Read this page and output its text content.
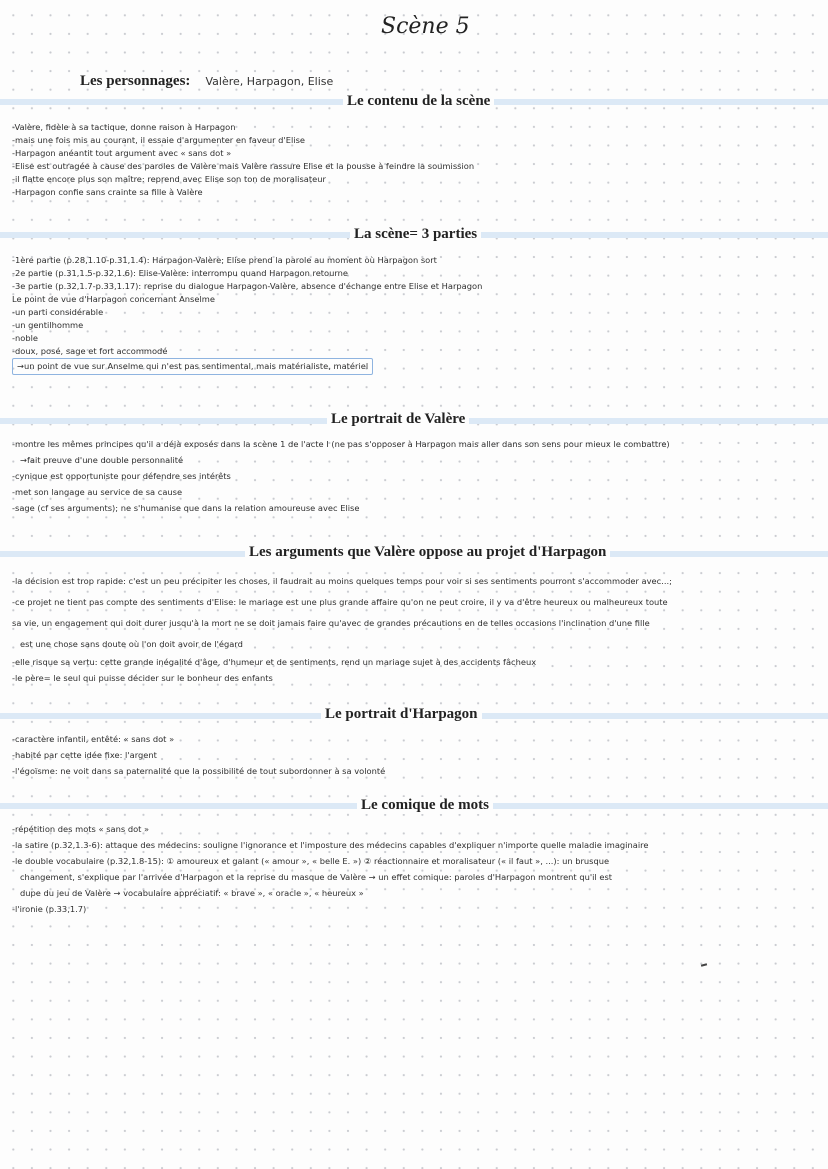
Scène 5
Les personnages: Valère, Harpagon, Elise
Le contenu de la scène
-Valère, fidèle à sa tactique, donne raison à Harpagon
-mais une fois mis au courant, il essaie d'argumenter en faveur d'Elise
-Harpagon anéantit tout argument avec « sans dot »
-Elise est outragée à cause des paroles de Valère mais Valère rassure Elise et la pousse à feindre la soumission
-il flatte encore plus son maître: reprend avec Elise son ton de moralisateur
-Harpagon confie sans crainte sa fille à Valère
La scène= 3 parties
-1ère partie (p.28,1.10-p.31,1.4): Harpagon-Valère; Elise prend la parole au moment où Harpagon sort
-2e partie (p.31,1.5-p.32,1.6): Elise-Valère: interrompu quand Harpagon retourne
-3e partie (p.32,1.7-p.33,1.17): reprise du dialogue Harpagon-Valère, absence d'échange entre Elise et Harpagon
Le point de vue d'Harpagon concernant Anselme
-un parti considérable
-un gentilhomme
-noble
-doux, posé, sage et fort accommodé
→un point de vue sur Anselme qui n'est pas sentimental, mais matérialiste, matériel
Le portrait de Valère
-montre les mêmes principes qu'il a déjà exposés dans la scène 1 de l'acte I (ne pas s'opposer à Harpagon mais aller dans son sens pour mieux le combattre)
→fait preuve d'une double personnalité
-cynique est opportuniste pour défendre ses intérêts
-met son langage au service de sa cause
-sage (cf ses arguments); ne s'humanise que dans la relation amoureuse avec Elise
Les arguments que Valère oppose au projet d'Harpagon
-la décision est trop rapide: c'est un peu précipiter les choses, il faudrait au moins quelques temps pour voir si ses sentiments pourront s'accommoder avec...;
-ce projet ne tient pas compte des sentiments d'Elise: le mariage est une plus grande affaire qu'on ne peut croire, il y va d'être heureux ou malheureux toute
sa vie, un engagement qui doit durer jusqu'à la mort ne se doit jamais faire qu'avec de grandes précautions en de telles occasions l'inclination d'une fille
est une chose sans doute où l'on doit avoir de l'égard
-elle risque sa vertu: cette grande inégalité d'âge, d'humeur et de sentiments, rend un mariage sujet à des accidents fâcheux
-le père= le seul qui puisse décider sur le bonheur des enfants
Le portrait d'Harpagon
-caractère infantil, entêté: « sans dot »
-habité par cette idée fixe: l'argent
-l'égoïsme: ne voit dans sa paternalité que la possibilité de tout subordonner à sa volonté
Le comique de mots
-répétition des mots « sans dot »
-la satire (p.32,1.3-6): attaque des médecins: souligne l'ignorance et l'imposture des médecins capables d'expliquer n'importe quelle maladie imaginaire
-le double vocabulaire (p.32,1.8-15): ① amoureux et galant (« amour », « belle E. ») ② réactionnaire et moralisateur (« il faut », ...): un brusque
changement, s'explique par l'arrivée d'Harpagon et la reprise du masque de Valère → un effet comique: paroles d'Harpagon montrent qu'il est
dupe du jeu de Valère → vocabulaire appréciatif: « brave », « oracle », « heureux »
-l'ironie (p.33,1.7)
